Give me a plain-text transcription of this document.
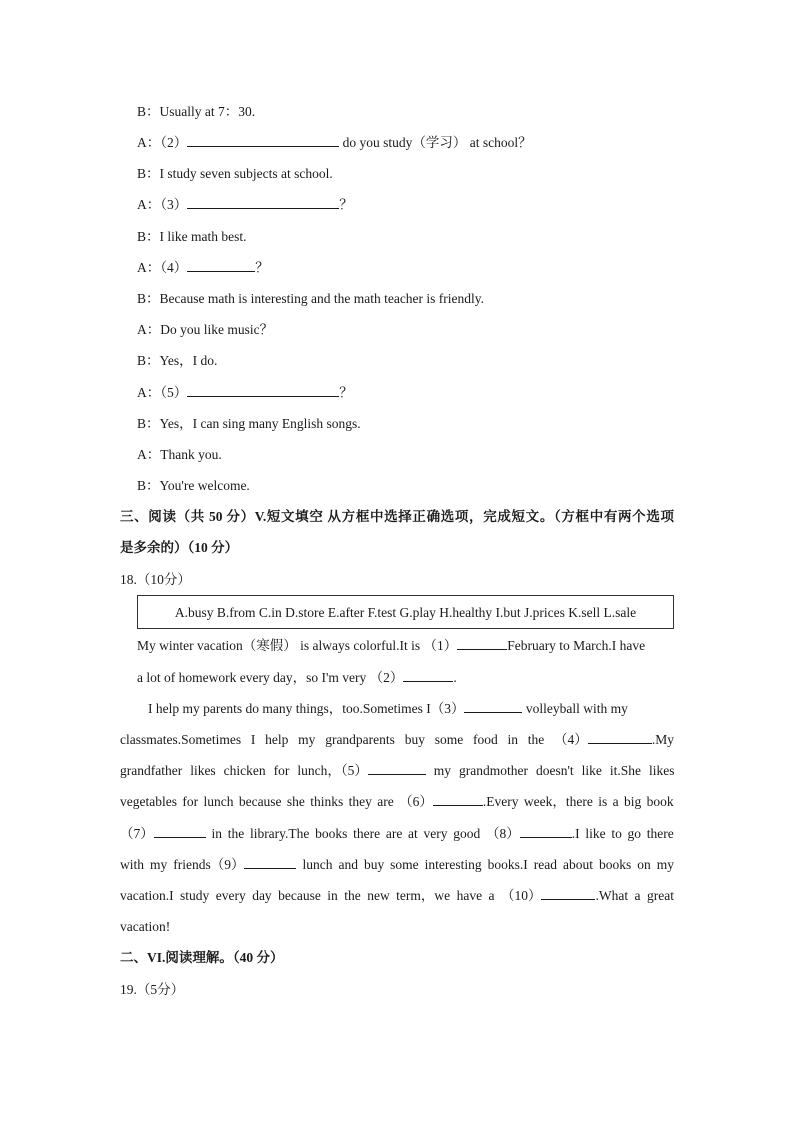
B：Usually at 7：30.
A：（2）	do you study（学习） at school？
B：I study seven subjects at school.
A：（3）	？
B：I like math best.
A：（4）	？
B：Because math is interesting and the math teacher is friendly.
A：Do you like music？
B：Yes，I do.
A：（5）	？
B：Yes，I can sing many English songs.
A：Thank you.
B：You're welcome.
三、阅读（共 50 分）V.短文填空 从方框中选择正确选项，完成短文。（方框中有两个选项
是多余的）（10 分）
18.（10分）
A.busy B.from C.in D.store E.after F.test G.play H.healthy I.but J.prices K.sell L.sale
My winter vacation（寒假） is always colorful.It is （1）	February to March.I have
a lot of homework every day，so I'm very （2）	.
I help my parents do many things，too.Sometimes I（3）	volleyball with my
classmates.Sometimes I help my grandparents buy some food in the （4）	.My
grandfather likes chicken for lunch，（5）	my grandmother doesn't like it.She likes
vegetables for lunch because she thinks they are （6）	.Every week，there is a big book
（7）	in the library.The books there are at very good （8）	.I like to go there
with my friends（9）	lunch and buy some interesting books.I read about books on my
vacation.I study every day because in the new term，we have a （10）	.What a great
vacation!
二、VI.阅读理解。（40 分）
19.（5分）
